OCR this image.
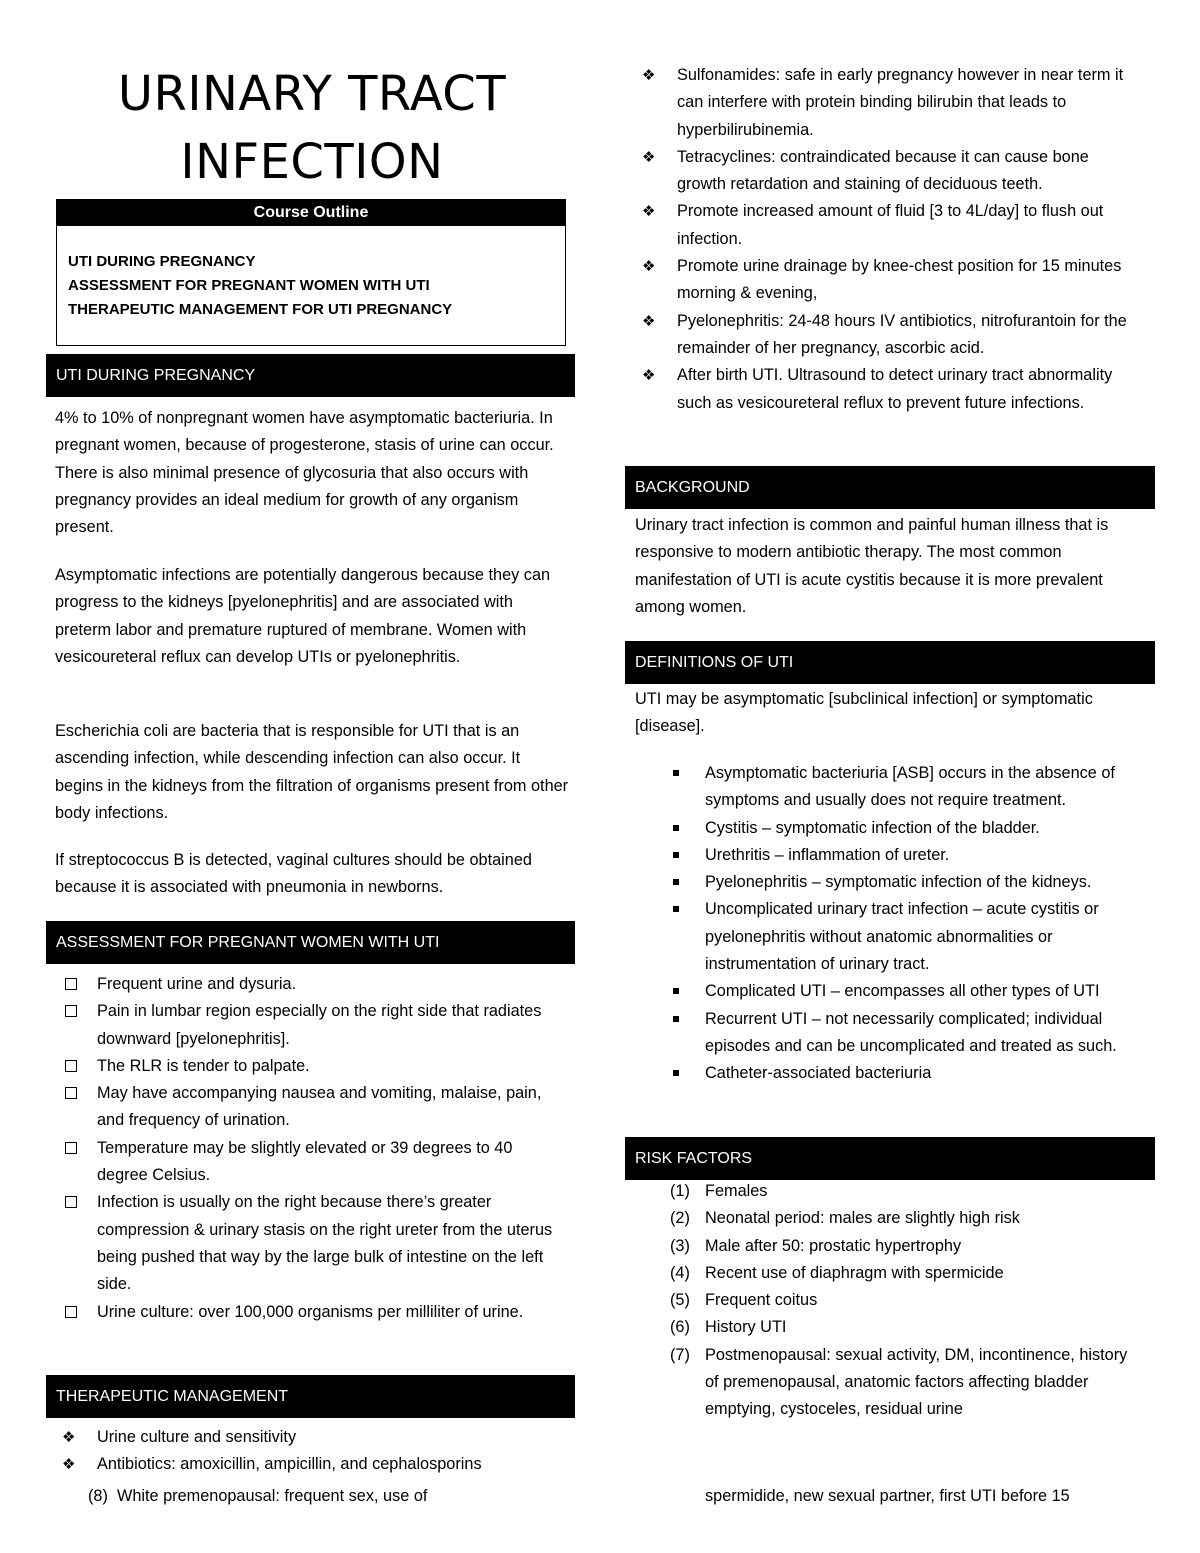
URINARY TRACT
INFECTION
Course Outline
UTI DURING PREGNANCY
ASSESSMENT FOR PREGNANT WOMEN WITH UTI
THERAPEUTIC MANAGEMENT FOR UTI PREGNANCY
UTI DURING PREGNANCY
4% to 10% of nonpregnant women have asymptomatic bacteriuria. In pregnant women, because of progesterone, stasis of urine can occur. There is also minimal presence of glycosuria that also occurs with pregnancy provides an ideal medium for growth of any organism present.
Asymptomatic infections are potentially dangerous because they can progress to the kidneys [pyelonephritis] and are associated with preterm labor and premature ruptured of membrane. Women with vesicoureteral reflux can develop UTIs or pyelonephritis.
Escherichia coli are bacteria that is responsible for UTI that is an ascending infection, while descending infection can also occur. It begins in the kidneys from the filtration of organisms present from other body infections.
If streptococcus B is detected, vaginal cultures should be obtained because it is associated with pneumonia in newborns.
ASSESSMENT FOR PREGNANT WOMEN WITH UTI
Frequent urine and dysuria.
Pain in lumbar region especially on the right side that radiates downward [pyelonephritis].
The RLR is tender to palpate.
May have accompanying nausea and vomiting, malaise, pain, and frequency of urination.
Temperature may be slightly elevated or 39 degrees to 40 degree Celsius.
Infection is usually on the right because there’s greater compression & urinary stasis on the right ureter from the uterus being pushed that way by the large bulk of intestine on the left side.
Urine culture: over 100,000 organisms per milliliter of urine.
THERAPEUTIC MANAGEMENT
❖ Urine culture and sensitivity
❖ Antibiotics: amoxicillin, ampicillin, and cephalosporins
(8) White premenopausal: frequent sex, use of	spermidide, new sexual partner, first UTI before 15
❖ Sulfonamides: safe in early pregnancy however in near term it can interfere with protein binding bilirubin that leads to hyperbilirubinemia.
❖ Tetracyclines: contraindicated because it can cause bone growth retardation and staining of deciduous teeth.
❖ Promote increased amount of fluid [3 to 4L/day] to flush out infection.
❖ Promote urine drainage by knee-chest position for 15 minutes morning & evening,
❖ Pyelonephritis: 24-48 hours IV antibiotics, nitrofurantoin for the remainder of her pregnancy, ascorbic acid.
❖ After birth UTI. Ultrasound to detect urinary tract abnormality such as vesicoureteral reflux to prevent future infections.
BACKGROUND
Urinary tract infection is common and painful human illness that is responsive to modern antibiotic therapy. The most common manifestation of UTI is acute cystitis because it is more prevalent among women.
DEFINITIONS OF UTI
UTI may be asymptomatic [subclinical infection] or symptomatic [disease].
Asymptomatic bacteriuria [ASB] occurs in the absence of symptoms and usually does not require treatment.
Cystitis – symptomatic infection of the bladder.
Urethritis – inflammation of ureter.
Pyelonephritis – symptomatic infection of the kidneys.
Uncomplicated urinary tract infection – acute cystitis or pyelonephritis without anatomic abnormalities or instrumentation of urinary tract.
Complicated UTI – encompasses all other types of UTI
Recurrent UTI – not necessarily complicated; individual episodes and can be uncomplicated and treated as such.
Catheter-associated bacteriuria
RISK FACTORS
(1) Females
(2) Neonatal period: males are slightly high risk
(3) Male after 50: prostatic hypertrophy
(4) Recent use of diaphragm with spermicide
(5) Frequent coitus
(6) History UTI
(7) Postmenopausal: sexual activity, DM, incontinence, history of premenopausal, anatomic factors affecting bladder emptying, cystoceles, residual urine
